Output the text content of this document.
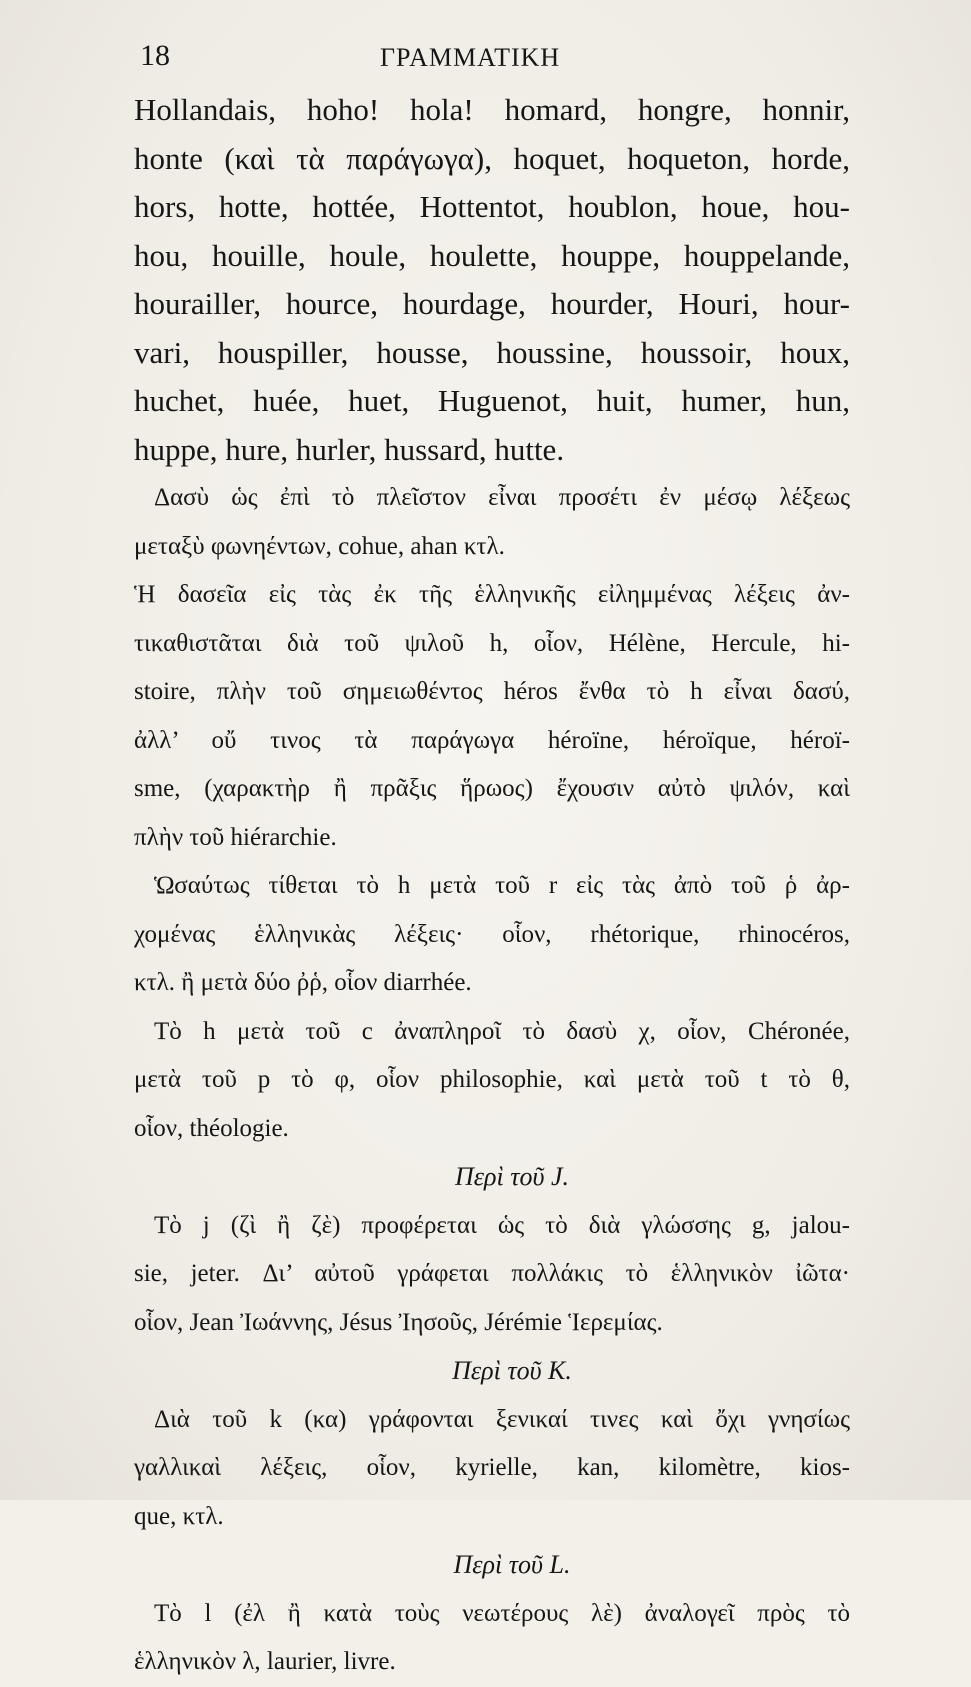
18	ΓΡΑΜΜΑΤΙΚΗ
Hollandais, hoho! hola! homard, hongre, honnir,
honte (καὶ τὰ παράγωγα), hoquet, hoqueton, horde,
hors, hotte, hottée, Hottentot, houblon, houe, hou-
hou, houille, houle, houlette, houppe, houppelande,
hourailler, hource, hourdage, hourder, Houri, hour-
vari, houspiller, housse, houssine, houssoir, houx,
huchet, huée, huet, Huguenot, huit, humer, hun,
huppe, hure, hurler, hussard, hutte.
Δασὺ ὡς ἐπὶ τὸ πλεῖστον εἶναι προσέτι ἐν μέσῳ λέξεως
μεταξὺ φωνηέντων, cohue, ahan κτλ.
Ἡ δασεῖα εἰς τὰς ἐκ τῆς ἑλληνικῆς εἰλημμένας λέξεις ἀν-
τικαθιστᾶται διὰ τοῦ ψιλοῦ h, οἷον, Hélène, Hercule, hi-
stoire, πλὴν τοῦ σημειωθέντος héros ἔνθα τὸ h εἶναι δασύ,
ἀλλ’ οὔ τινος τὰ παράγωγα héroïne, héroïque, héroï-
sme, (χαρακτὴρ ἢ πρᾶξις ἥρωος) ἔχουσιν αὐτὸ ψιλόν, καὶ
πλὴν τοῦ hiérarchie.
Ὡσαύτως τίθεται τὸ h μετὰ τοῦ r εἰς τὰς ἀπὸ τοῦ ῥ ἀρ-
χομένας ἑλληνικὰς λέξεις· οἷον, rhétorique, rhinocéros,
κτλ. ἢ μετὰ δύο ῤῥ, οἷον diarrhée.
Τὸ h μετὰ τοῦ c ἀναπληροῖ τὸ δασὺ χ, οἷον, Chéronée,
μετὰ τοῦ p τὸ φ, οἷον philosophie, καὶ μετὰ τοῦ t τὸ θ,
οἷον, théologie.
Περὶ τοῦ J.
Τὸ j (ζὶ ἢ ζὲ) προφέρεται ὡς τὸ διὰ γλώσσης g, jalou-
sie, jeter. Δι’ αὐτοῦ γράφεται πολλάκις τὸ ἑλληνικὸν ἰῶτα·
οἷον, Jean Ἰωάννης, Jésus Ἰησοῦς, Jérémie Ἱερεμίας.
Περὶ τοῦ K.
Διὰ τοῦ k (κα) γράφονται ξενικαί τινες καὶ ὄχι γνησίως
γαλλικαὶ λέξεις, οἷον, kyrielle, kan, kilomètre, kios-
que, κτλ.
Περὶ τοῦ L.
Τὸ l (ἐλ ἢ κατὰ τοὺς νεωτέρους λὲ) ἀναλογεῖ πρὸς τὸ
ἑλληνικὸν λ, laurier, livre.
